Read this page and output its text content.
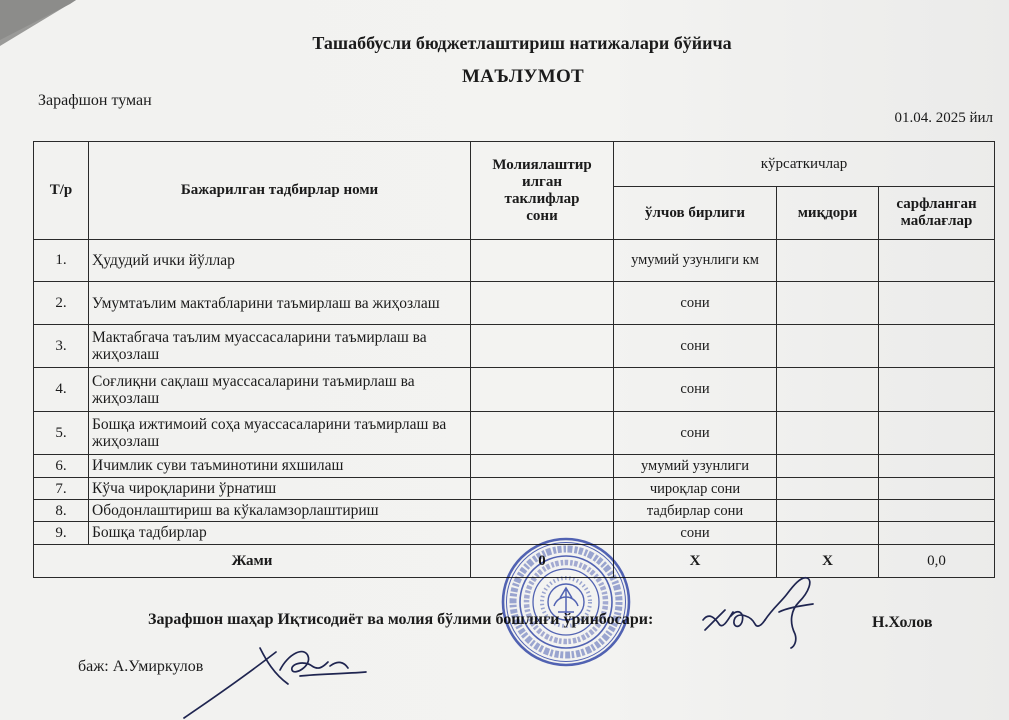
Ташаббусли бюджетлаштириш натижалари бўйича
МАЪЛУМОТ
Зарафшон туман
01.04. 2025 йил
Т/р	Бажарилган тадбирлар номи	Молиялаштирилган таклифлар сони	кўрсаткичлар		
			ўлчов бирлиги	миқдори	сарфланган маблағлар
1.	Ҳудудий ички йўллар		умумий узунлиги км		
2.	Умумтаълим мактабларини таъмирлаш ва жиҳозлаш		сони		
3.	Мактабгача таълим муассасаларини таъмирлаш ва жиҳозлаш		сони		
4.	Соғлиқни сақлаш муассасаларини таъмирлаш ва жиҳозлаш		сони		
5.	Бошқа ижтимоий соҳа муассасаларини таъмирлаш ва жиҳозлаш		сони		
6.	Ичимлик суви таъминотини яхшилаш		умумий узунлиги		
7.	Кўча чироқларини ўрнатиш		чироқлар сони		
8.	Ободонлаштириш ва кўкаламзорлаштириш		тадбирлар сони		
9.	Бошқа тадбирлар		сони		
Жами		0	X	X	0,0
Зарафшон шаҳар Иқтисодиёт ва молия бўлими бошлиғи ўринбосари:	Н.Холов
баж: А.Умиркулов
